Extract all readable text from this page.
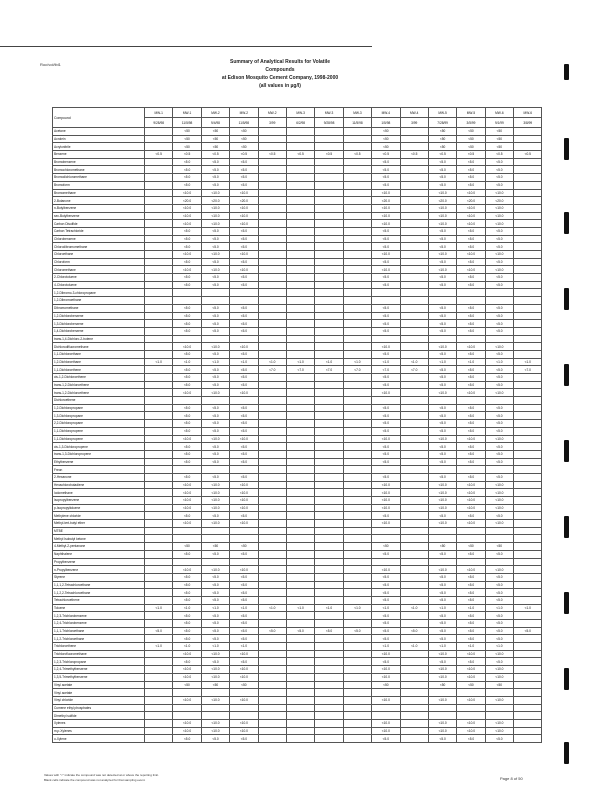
Roc/vol/tbl1	Summary of Analytical Results for Volatile
Compounds
at Edison Mosquito Cement Company, 1998-2000
(all values in µg/l)
Compound	MW-1	MW-1	MW-2	MW-2	MW-2	MW-3	MW-3	MW-3	MW-4	MW-4	MW-5	MW-5	MW-6	MW-6
	9/28/98	11/5/98	9/4/98	11/5/98	3/99	6/2/98	9/28/98	11/5/98	1/5/98	3/99	7/28/99	3/5/99	9/1/99	3/8/99
Acetone		<50	<50	<50					<50		<50	<50	<50	
Acrolein		<50	<50	<50					<50		<50	<50	<50	
Acrylonitrile		<50	<50	<50					<50		<50	<50	<50	
Benzene	<0.5	<0.5	<0.5	<0.5	<0.5	<0.5	<0.5	<0.5	<0.5	<0.5	<0.5	<0.5	<0.5	<0.5
Bromobenzene		<5.0	<5.0	<5.0					<5.0		<5.0	<5.0	<5.0	
Bromochloromethane		<5.0	<5.0	<5.0					<5.0		<5.0	<5.0	<5.0	
Bromodichloromethane		<5.0	<5.0	<5.0					<5.0		<5.0	<5.0	<5.0	
Bromoform		<5.0	<5.0	<5.0					<5.0		<5.0	<5.0	<5.0	
Bromomethane		<10.0	<10.0	<10.0					<10.0		<10.0	<10.0	<10.0	
2-Butanone		<20.0	<20.0	<20.0					<20.0		<20.0	<20.0	<20.0	
n-Butylbenzene		<10.0	<10.0	<10.0					<10.0		<10.0	<10.0	<10.0	
sec-Butylbenzene		<10.0	<10.0	<10.0					<10.0		<10.0	<10.0	<10.0	
Carbon Disulfide		<10.0	<10.0	<10.0					<10.0		<10.0	<10.0	<10.0	
Carbon Tetrachloride		<5.0	<5.0	<5.0					<5.0		<5.0	<5.0	<5.0	
Chlorobenzene		<5.0	<5.0	<5.0					<5.0		<5.0	<5.0	<5.0	
Chlorodibromomethane		<5.0	<5.0	<5.0					<5.0		<5.0	<5.0	<5.0	
Chloroethane		<10.0	<10.0	<10.0					<10.0		<10.0	<10.0	<10.0	
Chloroform		<5.0	<5.0	<5.0					<5.0		<5.0	<5.0	<5.0	
Chloromethane		<10.0	<10.0	<10.0					<10.0		<10.0	<10.0	<10.0	
2-Chlorotoluene		<5.0	<5.0	<5.0					<5.0		<5.0	<5.0	<5.0	
4-Chlorotoluene		<5.0	<5.0	<5.0					<5.0		<5.0	<5.0	<5.0	
1,2-Dibromo-3-chloropropane														
1,2-Dibromoethane														
Dibromomethane		<5.0	<5.0	<5.0					<5.0		<5.0	<5.0	<5.0	
1,2-Dichlorobenzene		<5.0	<5.0	<5.0					<5.0		<5.0	<5.0	<5.0	
1,3-Dichlorobenzene		<5.0	<5.0	<5.0					<5.0		<5.0	<5.0	<5.0	
1,4-Dichlorobenzene		<5.0	<5.0	<5.0					<5.0		<5.0	<5.0	<5.0	
trans-1,4-Dichloro-2-butene														
Dichlorodifluoromethane		<10.0	<10.0	<10.0					<10.0		<10.0	<10.0	<10.0	
1,1-Dichloroethane		<5.0	<5.0	<5.0					<5.0		<5.0	<5.0	<5.0	
1,2-Dichloroethane	<1.0	<1.0	<1.0	<1.0	<1.0	<1.0	<1.0	<1.0	<1.0	<1.0	<1.0	<1.0	<1.0	<1.0
1,1-Dichloroethene		<5.0	<5.0	<5.0	<7.0	<7.0	<7.0	<7.0	<7.0	<7.0	<5.0	<5.0	<5.0	<7.0
cis-1,2-Dichloroethene		<5.0	<5.0	<5.0					<5.0		<5.0	<5.0	<5.0	
trans-1,2-Dichloroethene		<5.0	<5.0	<5.0					<5.0		<5.0	<5.0	<5.0	
trans-1,2-Dichloroethene		<10.0	<10.0	<10.0					<10.0		<10.0	<10.0	<10.0	
Dichloroethene														
1,2-Dichloropropane		<5.0	<5.0	<5.0					<5.0		<5.0	<5.0	<5.0	
1,3-Dichloropropane		<5.0	<5.0	<5.0					<5.0		<5.0	<5.0	<5.0	
2,2-Dichloropropane		<5.0	<5.0	<5.0					<5.0		<5.0	<5.0	<5.0	
1,1-Dichloropropene		<5.0	<5.0	<5.0					<5.0		<5.0	<5.0	<5.0	
1,1-Dichloropropene		<10.0	<10.0	<10.0					<10.0		<10.0	<10.0	<10.0	
cis-1,3-Dichloropropene		<5.0	<5.0	<5.0					<5.0		<5.0	<5.0	<5.0	
trans-1,3-Dichloropropene		<5.0	<5.0	<5.0					<5.0		<5.0	<5.0	<5.0	
Ethylbenzene		<5.0	<5.0	<5.0					<5.0		<5.0	<5.0	<5.0	
Freon														
2-Hexanone		<5.0	<5.0	<5.0					<5.0		<5.0	<5.0	<5.0	
Hexachlorobutadiene		<10.0	<10.0	<10.0					<10.0		<10.0	<10.0	<10.0	
Iodomethane		<10.0	<10.0	<10.0					<10.0		<10.0	<10.0	<10.0	
Isopropylbenzene		<10.0	<10.0	<10.0					<10.0		<10.0	<10.0	<10.0	
p-Isopropyltoluene		<10.0	<10.0	<10.0					<10.0		<10.0	<10.0	<10.0	
Methylene chloride		<5.0	<5.0	<5.0					<5.0		<5.0	<5.0	<5.0	
Methyl-tert-butyl ether		<10.0	<10.0	<10.0					<10.0		<10.0	<10.0	<10.0	
MTBE														
Methyl Isobutyl ketone														
4-Methyl-2-pentanone		<50	<50	<50					<50		<50	<50	<50	
Naphthalene		<5.0	<5.0	<5.0					<5.0		<5.0	<5.0	<5.0	
Propylbenzene														
n-Propylbenzene		<10.0	<10.0	<10.0					<10.0		<10.0	<10.0	<10.0	
Styrene		<5.0	<5.0	<5.0					<5.0		<5.0	<5.0	<5.0	
1,1,1,2-Tetrachloroethane		<5.0	<5.0	<5.0					<5.0		<5.0	<5.0	<5.0	
1,1,2,2-Tetrachloroethane		<5.0	<5.0	<5.0					<5.0		<5.0	<5.0	<5.0	
Tetrachloroethene		<5.0	<5.0	<5.0					<5.0		<5.0	<5.0	<5.0	
Toluene	<1.0	<1.0	<1.0	<1.0	<1.0	<1.0	<1.0	<1.0	<1.0	<1.0	<1.0	<1.0	<1.0	<1.0
1,2,3-Trichlorobenzene		<5.0	<5.0	<5.0					<5.0		<5.0	<5.0	<5.0	
1,2,4-Trichlorobenzene		<5.0	<5.0	<5.0					<5.0		<5.0	<5.0	<5.0	
1,1,1-Trichloroethane	<5.0	<5.0	<5.0	<5.0	<5.0	<5.0	<5.0	<5.0	<5.0	<5.0	<5.0	<5.0	<5.0	<5.0
1,1,2-Trichloroethane		<5.0	<5.0	<5.0					<5.0		<5.0	<5.0	<5.0	
Trichloroethene	<1.0	<1.0	<1.0	<1.0					<1.0	<1.0	<1.0	<1.0	<1.0	
Trichlorofluoromethane		<10.0	<10.0	<10.0					<10.0		<10.0	<10.0	<10.0	
1,2,3-Trichloropropane		<5.0	<5.0	<5.0					<5.0		<5.0	<5.0	<5.0	
1,2,4-Trimethylbenzene		<10.0	<10.0	<10.0					<10.0		<10.0	<10.0	<10.0	
1,3,5-Trimethylbenzene		<10.0	<10.0	<10.0					<10.0		<10.0	<10.0	<10.0	
Vinyl acetate		<50	<50	<50					<50		<50	<50	<50	
Vinyl acetate														
Vinyl chloride		<10.0	<10.0	<10.0					<10.0		<10.0	<10.0	<10.0	
Cumene ethyl phosphates														
Dimethyl sulfide														
Xylenes		<10.0	<10.0	<10.0					<10.0		<10.0	<10.0	<10.0	
m,p-Xylenes		<10.0	<10.0	<10.0					<10.0		<10.0	<10.0	<10.0	
o-Xylene		<5.0	<5.0	<5.0					<5.0		<5.0	<5.0	<5.0	
Values with "<" indicate the compound was not detected at or above the reporting limit.
Blank cells indicate the compound was not analyzed for that sampling event.	Page 8 of 50
